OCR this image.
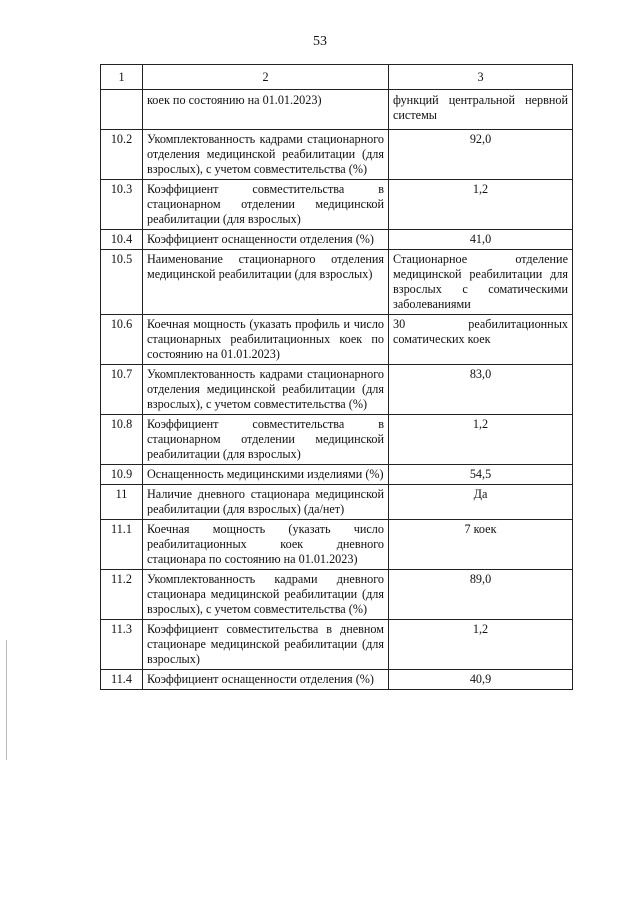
53
1	2	3
	коек по состоянию на 01.01.2023)	функций центральной нервной системы
10.2	Укомплектованность кадрами стационарного отделения медицинской реабилитации (для взрослых), с учетом совместительства (%)	92,0
10.3	Коэффициент совместительства в стационарном отделении медицинской реабилитации (для взрослых)	1,2
10.4	Коэффициент оснащенности отделения (%)	41,0
10.5	Наименование стационарного отделения медицинской реабилитации (для взрослых)	Стационарное отделение медицинской реабилитации для взрослых с соматическими заболеваниями
10.6	Коечная мощность (указать профиль и число стационарных реабилитационных коек по состоянию на 01.01.2023)	30 реабилитационных соматических коек
10.7	Укомплектованность кадрами стационарного отделения медицинской реабилитации (для взрослых), с учетом совместительства (%)	83,0
10.8	Коэффициент совместительства в стационарном отделении медицинской реабилитации (для взрослых)	1,2
10.9	Оснащенность медицинскими изделиями (%)	54,5
11	Наличие дневного стационара медицинской реабилитации (для взрослых) (да/нет)	Да
11.1	Коечная мощность (указать число реабилитационных коек дневного стационара по состоянию на 01.01.2023)	7 коек
11.2	Укомплектованность кадрами дневного стационара медицинской реабилитации (для взрослых), с учетом совместительства (%)	89,0
11.3	Коэффициент совместительства в дневном стационаре медицинской реабилитации (для взрослых)	1,2
11.4	Коэффициент оснащенности отделения (%)	40,9
